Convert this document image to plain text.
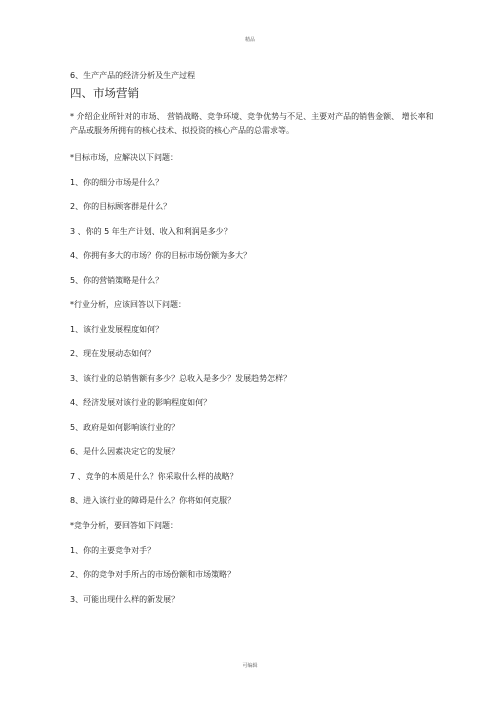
精品
6、生产产品的经济分析及生产过程
四、市场营销
* 介绍企业所针对的市场、 营销战略、竞争环境、竞争优势与不足、主要对产品的销售金额、 增长率和产品或服务所拥有的核心技术、拟投资的核心产品的总需求等。
*目标市场，应解决以下问题：
1、你的细分市场是什么？
2、你的目标顾客群是什么？
3 、你的 5 年生产计划、收入和利润是多少？
4、你拥有多大的市场？你的目标市场份额为多大？
5、你的营销策略是什么？
*行业分析，应该回答以下问题：
1、该行业发展程度如何？
2、现在发展动态如何？
3、该行业的总销售额有多少？总收入是多少？发展趋势怎样？
4、经济发展对该行业的影响程度如何？
5、政府是如何影响该行业的？
6、是什么因素决定它的发展？
7 、竞争的本质是什么？你采取什么样的战略？
8、进入该行业的障碍是什么？你将如何克服？
*竞争分析，要回答如下问题：
1、你的主要竞争对手？
2、你的竞争对手所占的市场份额和市场策略？
3、可能出现什么样的新发展？
可编辑
